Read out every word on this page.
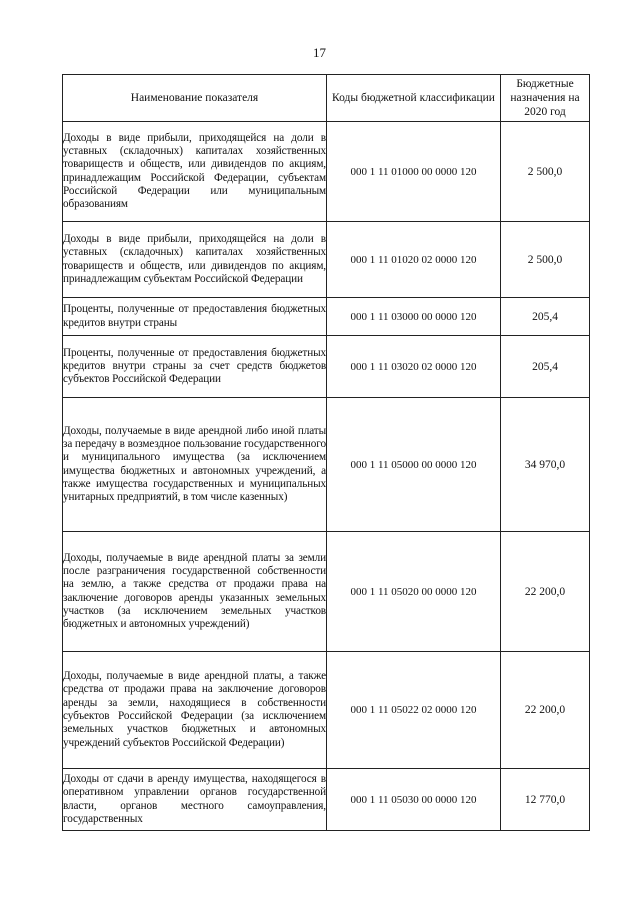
17
Наименование показателя	Коды бюджетной классификации	Бюджетные назначения на 2020 год
Доходы в виде прибыли, приходящейся на доли в уставных (складочных) капиталах хозяйственных товариществ и обществ, или дивидендов по акциям, принадлежащим Российской Федерации, субъектам Российской Федерации или муниципальным образованиям	000 1 11 01000 00 0000 120	2 500,0
Доходы в виде прибыли, приходящейся на доли в уставных (складочных) капиталах хозяйственных товариществ и обществ, или дивидендов по акциям, принадлежащим субъектам Российской Федерации	000 1 11 01020 02 0000 120	2 500,0
Проценты, полученные от предоставления бюджетных кредитов внутри страны	000 1 11 03000 00 0000 120	205,4
Проценты, полученные от предоставления бюджетных кредитов внутри страны за счет средств бюджетов субъектов Российской Федерации	000 1 11 03020 02 0000 120	205,4
Доходы, получаемые в виде арендной либо иной платы за передачу в возмездное пользование государственного и муниципального имущества (за исключением имущества бюджетных и автономных учреждений, а также имущества государственных и муниципальных унитарных предприятий, в том числе казенных)	000 1 11 05000 00 0000 120	34 970,0
Доходы, получаемые в виде арендной платы за земли после разграничения государственной собственности на землю, а также средства от продажи права на заключение договоров аренды указанных земельных участков (за исключением земельных участков бюджетных и автономных учреждений)	000 1 11 05020 00 0000 120	22 200,0
Доходы, получаемые в виде арендной платы, а также средства от продажи права на заключение договоров аренды за земли, находящиеся в собственности субъектов Российской Федерации (за исключением земельных участков бюджетных и автономных учреждений субъектов Российской Федерации)	000 1 11 05022 02 0000 120	22 200,0
Доходы от сдачи в аренду имущества, находящегося в оперативном управлении органов государственной власти, органов местного самоуправления, государственных	000 1 11 05030 00 0000 120	12 770,0
